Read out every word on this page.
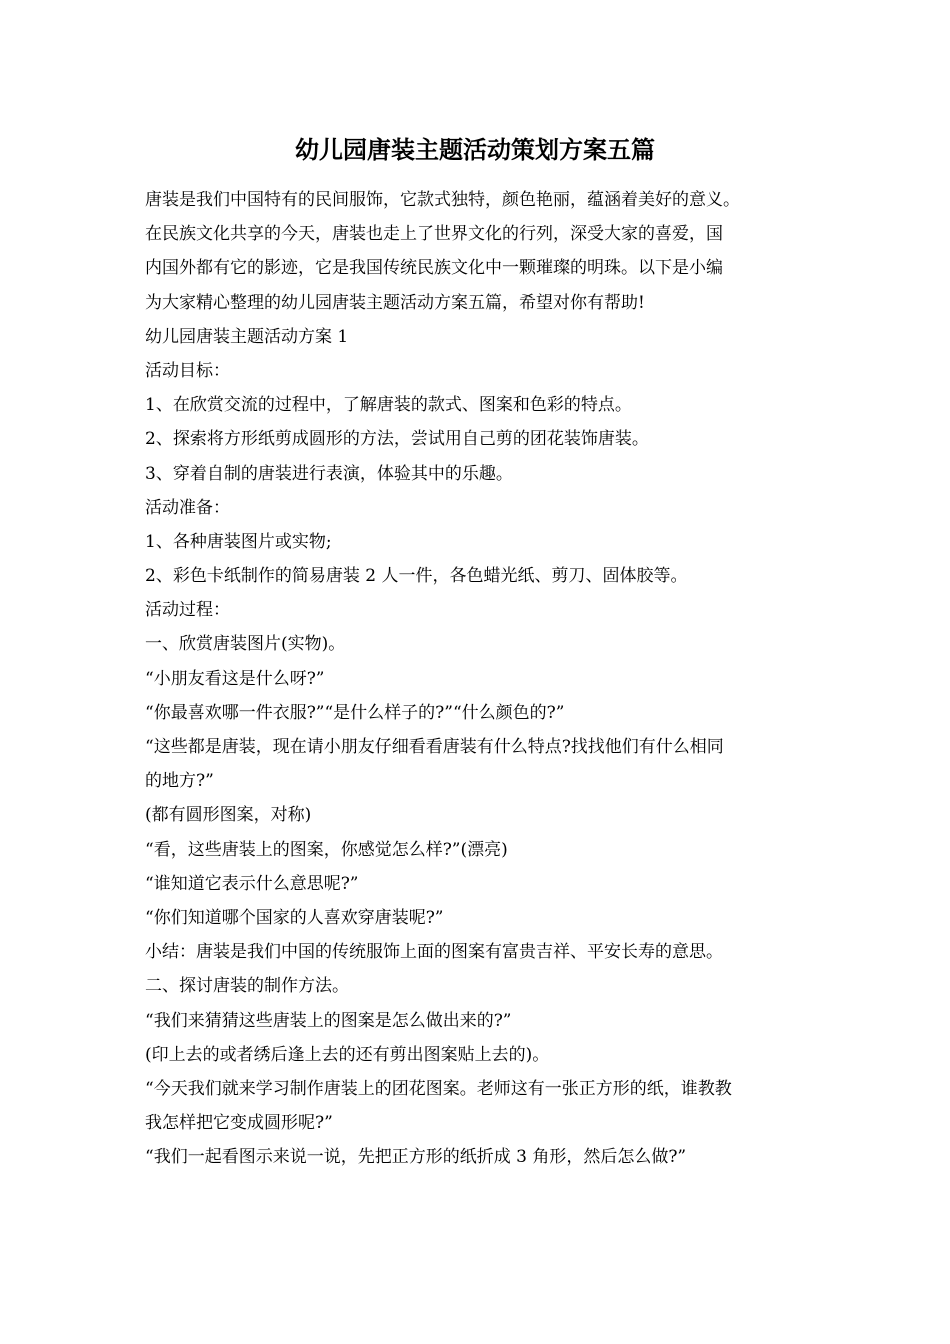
幼儿园唐装主题活动策划方案五篇
唐装是我们中国特有的民间服饰，它款式独特，颜色艳丽，蕴涵着美好的意义。
在民族文化共享的今天，唐装也走上了世界文化的行列，深受大家的喜爱，国
内国外都有它的影迹，它是我国传统民族文化中一颗璀璨的明珠。以下是小编
为大家精心整理的幼儿园唐装主题活动方案五篇，希望对你有帮助!
幼儿园唐装主题活动方案 1
活动目标：
1、在欣赏交流的过程中，了解唐装的款式、图案和色彩的特点。
2、探索将方形纸剪成圆形的方法，尝试用自己剪的团花装饰唐装。
3、穿着自制的唐装进行表演，体验其中的乐趣。
活动准备：
1、各种唐装图片或实物;
2、彩色卡纸制作的简易唐装 2 人一件，各色蜡光纸、剪刀、固体胶等。
活动过程：
一、欣赏唐装图片(实物)。
“小朋友看这是什么呀?”
“你最喜欢哪一件衣服?”“是什么样子的?”“什么颜色的?”
“这些都是唐装，现在请小朋友仔细看看唐装有什么特点?找找他们有什么相同
的地方?”
(都有圆形图案，对称)
“看，这些唐装上的图案，你感觉怎么样?”(漂亮)
“谁知道它表示什么意思呢?”
“你们知道哪个国家的人喜欢穿唐装呢?”
小结：唐装是我们中国的传统服饰上面的图案有富贵吉祥、平安长寿的意思。
二、探讨唐装的制作方法。
“我们来猜猜这些唐装上的图案是怎么做出来的?”
(印上去的或者绣后逢上去的还有剪出图案贴上去的)。
“今天我们就来学习制作唐装上的团花图案。老师这有一张正方形的纸，谁教教
我怎样把它变成圆形呢?”
“我们一起看图示来说一说，先把正方形的纸折成 3 角形，然后怎么做?”
